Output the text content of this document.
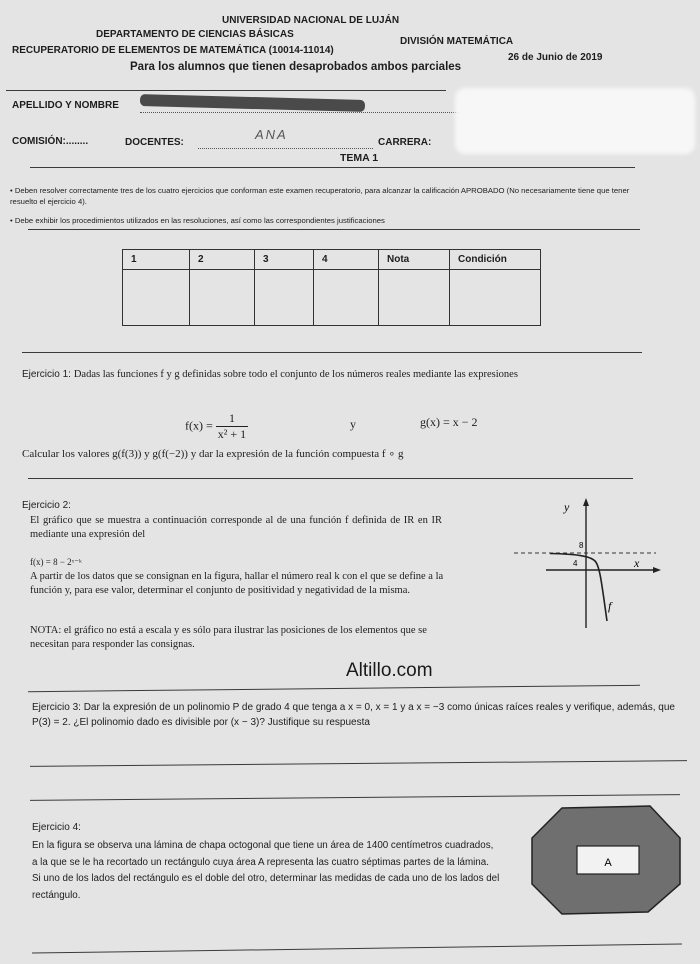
UNIVERSIDAD NACIONAL DE LUJÁN
DEPARTAMENTO DE CIENCIAS BÁSICAS
DIVISIÓN MATEMÁTICA
RECUPERATORIO DE ELEMENTOS DE MATEMÁTICA (10014-11014)
26 de Junio de 2019
Para los alumnos que tienen desaprobados ambos parciales
APELLIDO Y NOMBRE
COMISIÓN:........	DOCENTES:
ANA
CARRERA:
TEMA 1
• Deben resolver correctamente tres de los cuatro ejercicios que conforman este examen recuperatorio, para alcanzar la calificación APROBADO (No necesariamente tiene que tener resuelto el ejercicio 4).
• Debe exhibir los procedimientos utilizados en las resoluciones, así como las correspondientes justificaciones
1	2	3	4	Nota	Condición

Ejercicio 1: Dadas las funciones f y g definidas sobre todo el conjunto de los números reales mediante las expresiones
$f(x) = \frac{1}{\text{x² + 1}}$	y	g(x) = x − 2
Calcular los valores g(f(3)) y g(f(−2)) y dar la expresión de la función compuesta f ∘ g
Ejercicio 2:
El gráfico que se muestra a continuación corresponde al de una función f definida de IR en IR mediante una expresión del
f(x) = 8 − 2ˣ⁻ᵏ
A partir de los datos que se consignan en la figura, hallar el número real k con el que se define a la función y, para ese valor, determinar el conjunto de positividad y negatividad de la misma.
NOTA: el gráfico no está a escala y es sólo para ilustrar las posiciones de los elementos que se necesitan para responder las consignas.
y
x
8
4
f
Altillo.com
Ejercicio 3: Dar la expresión de un polinomio P de grado 4 que tenga a x = 0, x = 1 y a x = −3 como únicas raíces reales y verifique, además, que P(3) = 2. ¿El polinomio dado es divisible por (x − 3)? Justifique su respuesta
Ejercicio 4:
En la figura se observa una lámina de chapa octogonal que tiene un área de 1400 centímetros cuadrados, a la que se le ha recortado un rectángulo cuya área A representa las cuatro séptimas partes de la lámina. Si uno de los lados del rectángulo es el doble del otro, determinar las medidas de cada uno de los lados del rectángulo.
A
